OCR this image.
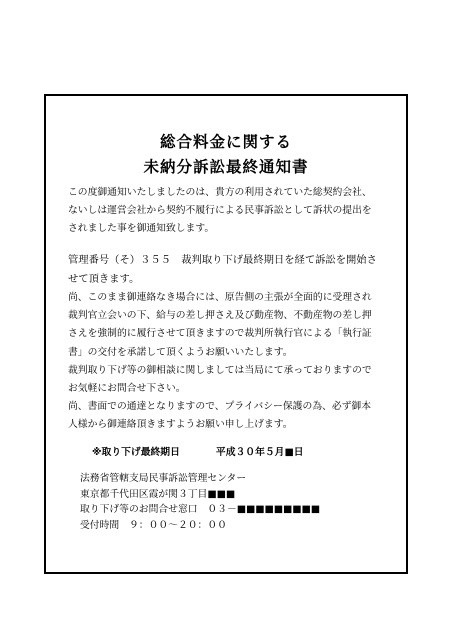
総合料金に関する
未納分訴訟最終通知書
この度御通知いたしましたのは、貴方の利用されていた総契約会社、
ないしは運営会社から契約不履行による民事訴訟として訴状の提出を
されました事を御通知致します。
管理番号（そ）３５５　裁判取り下げ最終期日を経て訴訟を開始さ
せて頂きます。
尚、このまま御連絡なき場合には、原告側の主張が全面的に受理され
裁判官立会いの下、給与の差し押さえ及び動産物、不動産物の差し押
さえを強制的に履行させて頂きますので裁判所執行官による「執行証
書」の交付を承諾して頂くようお願いいたします。
裁判取り下げ等の御相談に関しましては当局にて承っておりますので
お気軽にお問合せ下さい。
尚、書面での通達となりますので、プライバシー保護の為、必ず御本
人様から御連絡頂きますようお願い申し上げます。
※取り下げ最終期日	平成３０年５月■日
法務省管轄支局民事訴訟管理センター
東京都千代田区霞が関３丁目■■■
取り下げ等のお問合せ窓口　０３－■■■■■■■■■
受付時間　９：００～２０：００
